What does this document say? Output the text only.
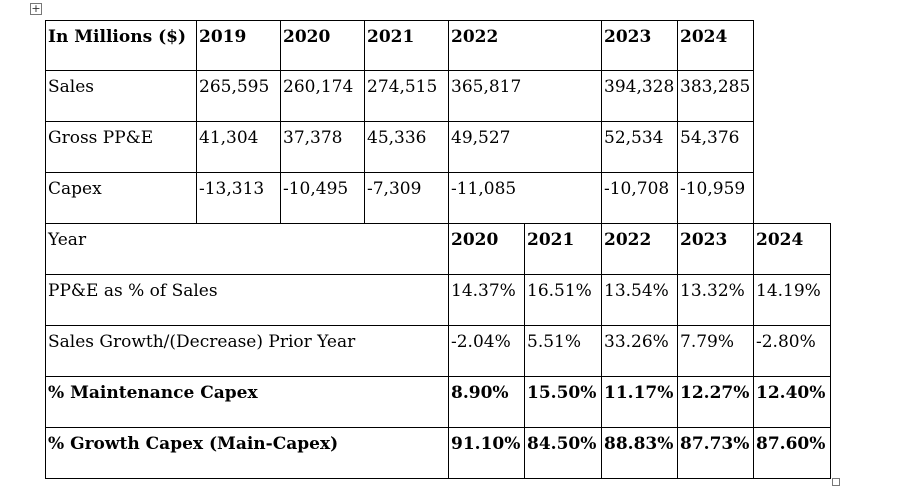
+
In Millions ($) 2019 2020 2021 2022	2023 2024
Sales	265,595 260,174 274,515 365,817	394,328 383,285
Gross PP&E	41,304 37,378 45,336 49,527	52,534 54,376
Capex	-13,313 -10,495 -7,309 -11,085	-10,708 -10,959
Year	2020 2021 2022 2023 2024
PP&E as % of Sales	14.37% 16.51% 13.54% 13.32% 14.19%
Sales Growth/(Decrease) Prior Year	-2.04% 5.51% 33.26% 7.79% -2.80%
% Maintenance Capex	8.90% 15.50% 11.17% 12.27% 12.40%
% Growth Capex (Main-Capex)	91.10% 84.50% 88.83% 87.73% 87.60%
